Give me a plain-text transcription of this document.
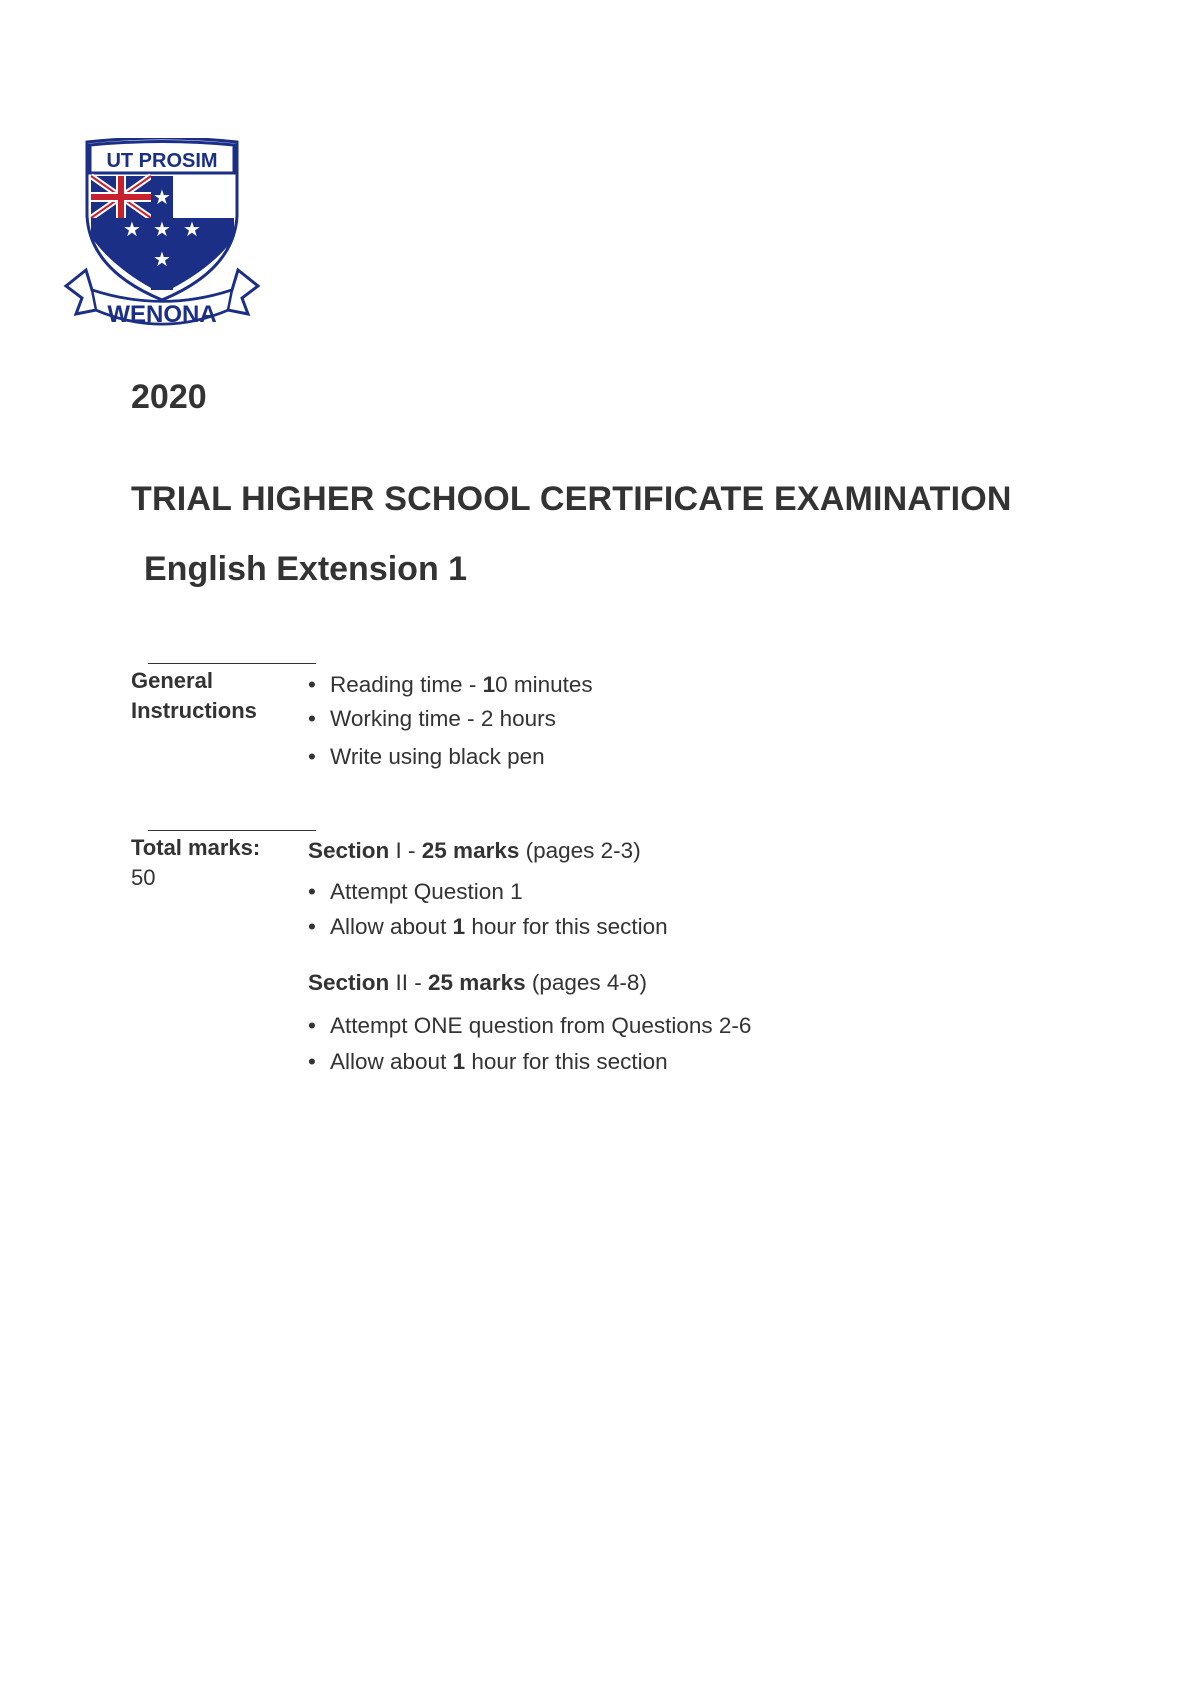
UT PROSIM
★
★ ★ ★
★
WENONA
2020
TRIAL HIGHER SCHOOL CERTIFICATE EXAMINATION
English Extension 1
General
Instructions
• Reading time - 10 minutes
• Working time - 2 hours
• Write using black pen
Total marks:
50
Section I - 25 marks (pages 2-3)
• Attempt Question 1
• Allow about 1 hour for this section
Section II - 25 marks (pages 4-8)
• Attempt ONE question from Questions 2-6
• Allow about 1 hour for this section
